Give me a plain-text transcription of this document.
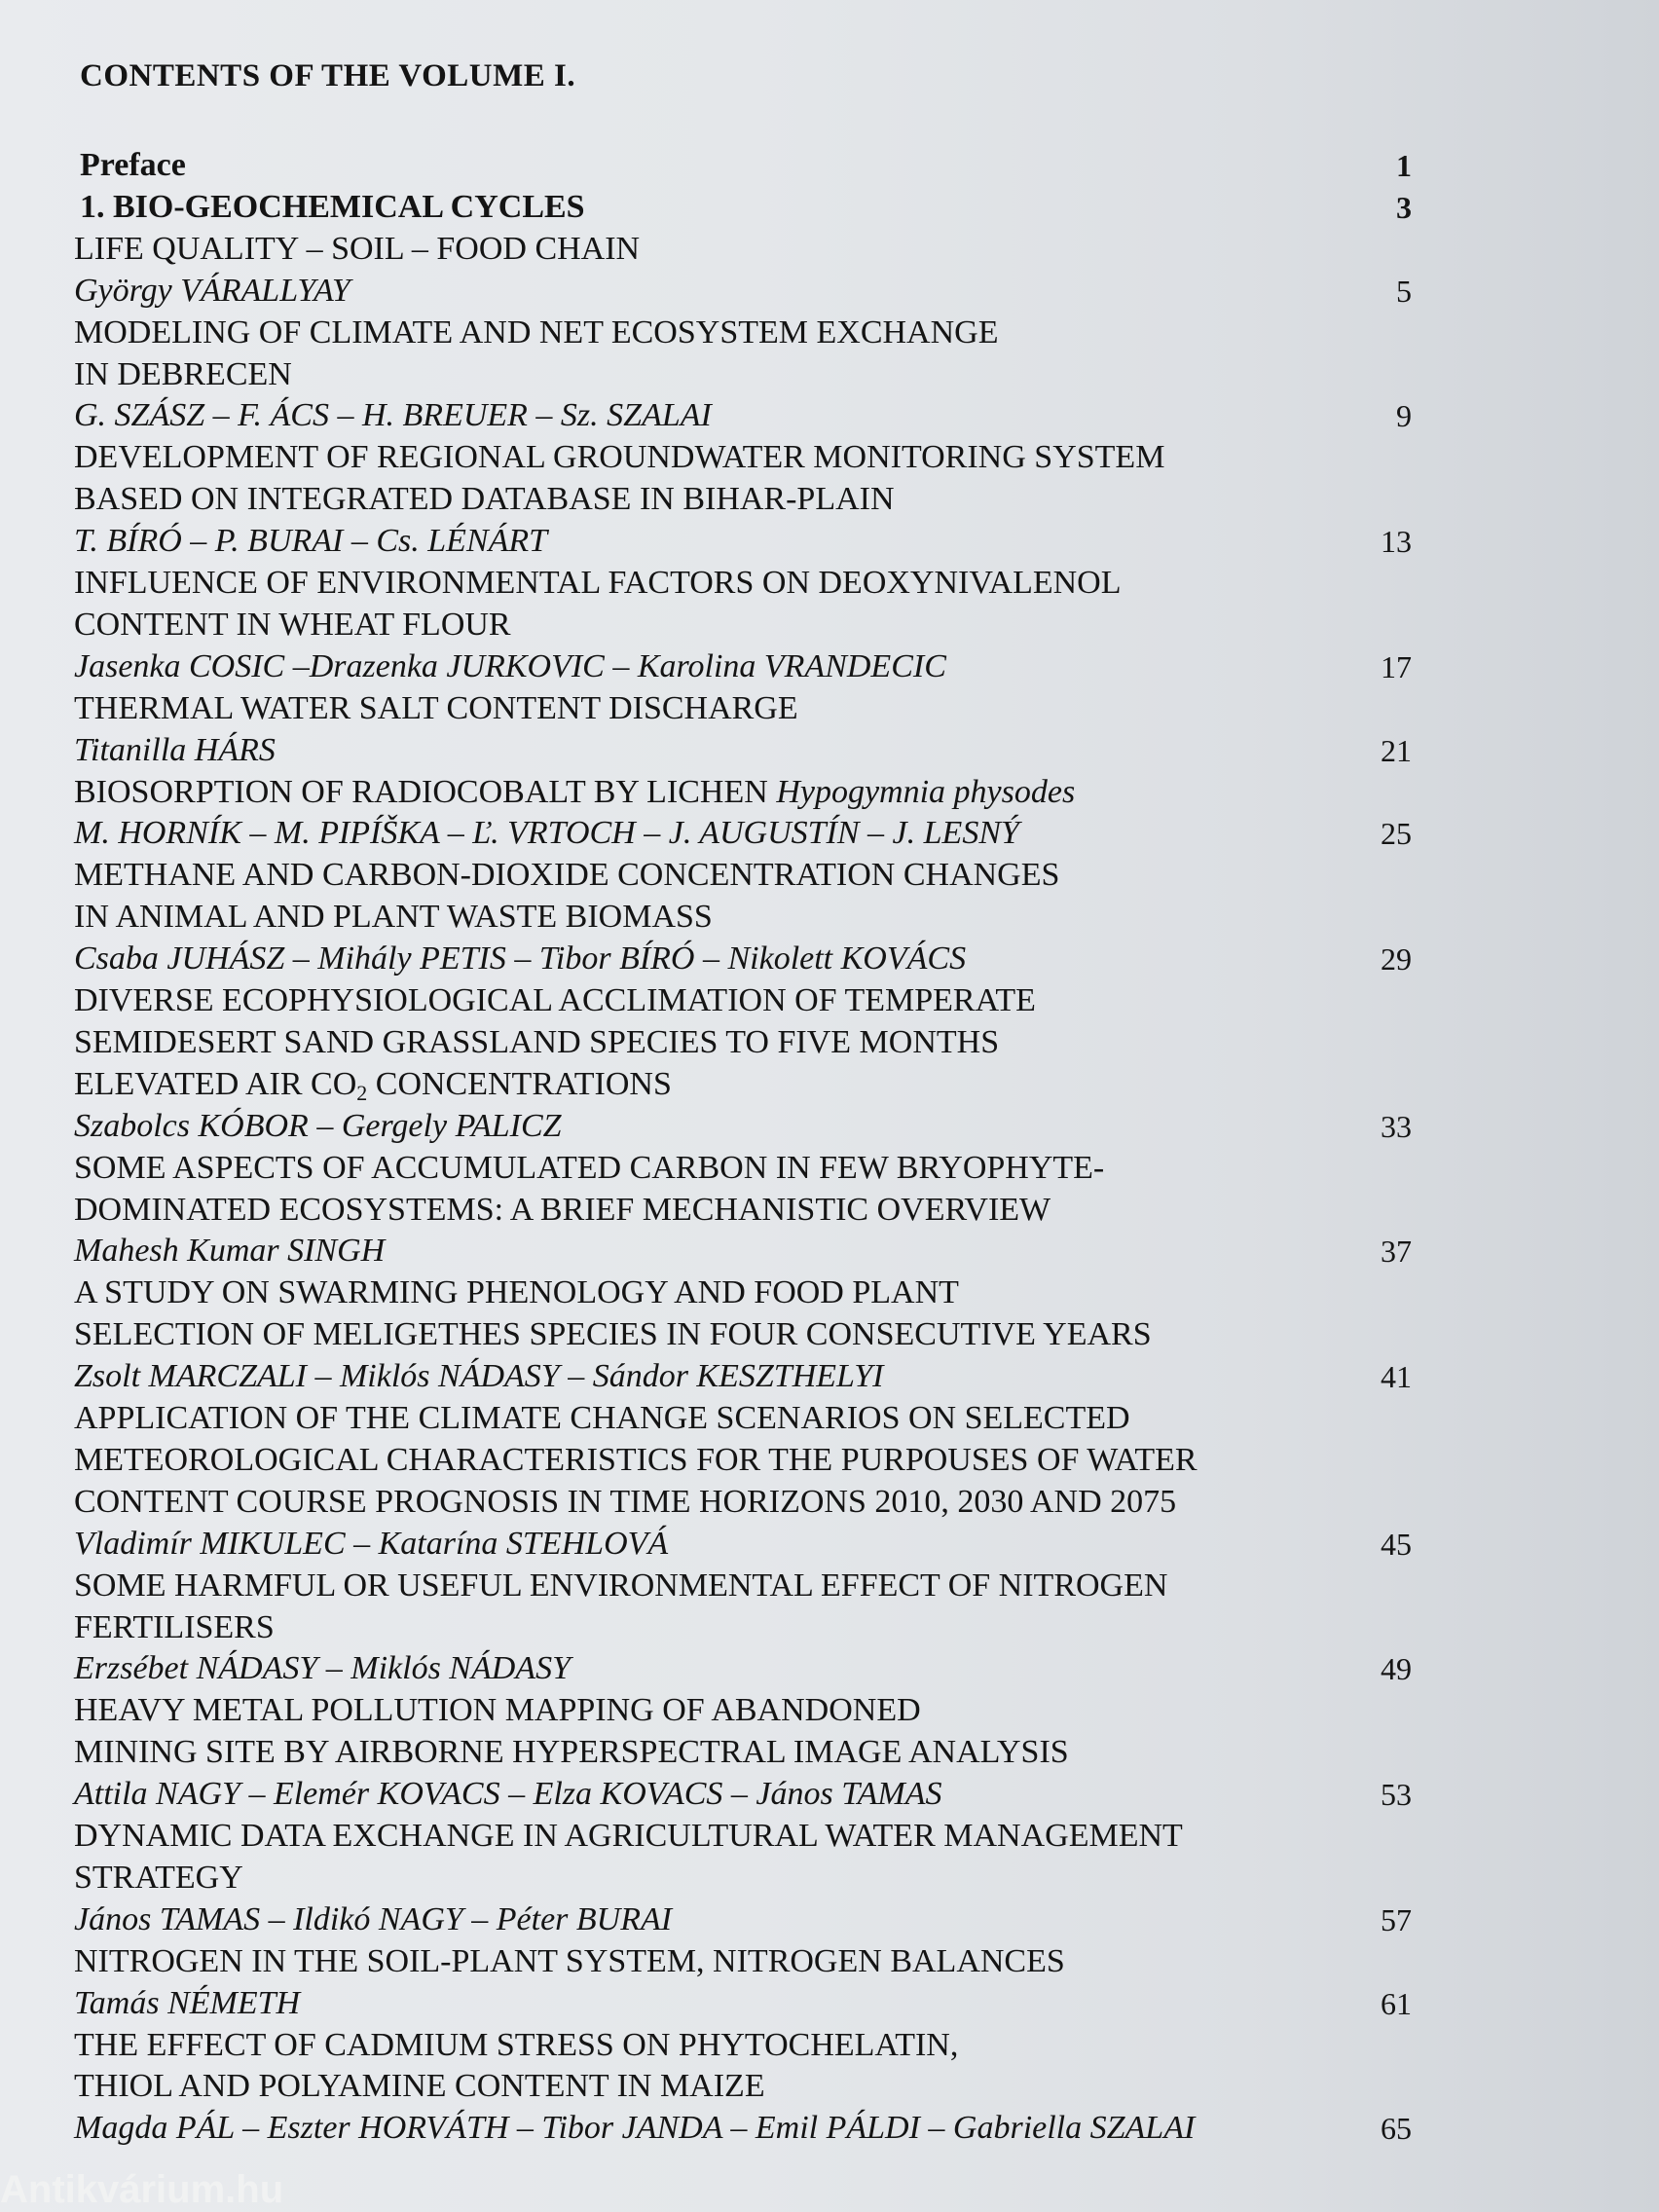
CONTENTS OF THE VOLUME I.
Preface	1
1. BIO-GEOCHEMICAL CYCLES	3
LIFE QUALITY – SOIL – FOOD CHAIN
György VÁRALLYAY	5
MODELING OF CLIMATE AND NET ECOSYSTEM EXCHANGE
IN DEBRECEN
G. SZÁSZ – F. ÁCS – H. BREUER – Sz. SZALAI	9
DEVELOPMENT OF REGIONAL GROUNDWATER MONITORING SYSTEM
BASED ON INTEGRATED DATABASE IN BIHAR-PLAIN
T. BÍRÓ – P. BURAI – Cs. LÉNÁRT	13
INFLUENCE OF ENVIRONMENTAL FACTORS ON DEOXYNIVALENOL
CONTENT IN WHEAT FLOUR
Jasenka COSIC –Drazenka JURKOVIC – Karolina VRANDECIC	17
THERMAL WATER SALT CONTENT DISCHARGE
Titanilla HÁRS	21
BIOSORPTION OF RADIOCOBALT BY LICHEN Hypogymnia physodes
M. HORNÍK – M. PIPÍŠKA – Ľ. VRTOCH – J. AUGUSTÍN – J. LESNÝ	25
METHANE AND CARBON-DIOXIDE CONCENTRATION CHANGES
IN ANIMAL AND PLANT WASTE BIOMASS
Csaba JUHÁSZ – Mihály PETIS – Tibor BÍRÓ – Nikolett KOVÁCS	29
DIVERSE ECOPHYSIOLOGICAL ACCLIMATION OF TEMPERATE
SEMIDESERT SAND GRASSLAND SPECIES TO FIVE MONTHS
ELEVATED AIR $CO_2$ CONCENTRATIONS
Szabolcs KÓBOR – Gergely PALICZ	33
SOME ASPECTS OF ACCUMULATED CARBON IN FEW BRYOPHYTE-
DOMINATED ECOSYSTEMS: A BRIEF MECHANISTIC OVERVIEW
Mahesh Kumar SINGH	37
A STUDY ON SWARMING PHENOLOGY AND FOOD PLANT
SELECTION OF MELIGETHES SPECIES IN FOUR CONSECUTIVE YEARS
Zsolt MARCZALI – Miklós NÁDASY – Sándor KESZTHELYI	41
APPLICATION OF THE CLIMATE CHANGE SCENARIOS ON SELECTED
METEOROLOGICAL CHARACTERISTICS FOR THE PURPOUSES OF WATER
CONTENT COURSE PROGNOSIS IN TIME HORIZONS 2010, 2030 AND 2075
Vladimír MIKULEC – Katarína STEHLOVÁ	45
SOME HARMFUL OR USEFUL ENVIRONMENTAL EFFECT OF NITROGEN
FERTILISERS
Erzsébet NÁDASY – Miklós NÁDASY	49
HEAVY METAL POLLUTION MAPPING OF ABANDONED
MINING SITE BY AIRBORNE HYPERSPECTRAL IMAGE ANALYSIS
Attila NAGY – Elemér KOVACS – Elza KOVACS – János TAMAS	53
DYNAMIC DATA EXCHANGE IN AGRICULTURAL WATER MANAGEMENT
STRATEGY
János TAMAS – Ildikó NAGY – Péter BURAI	57
NITROGEN IN THE SOIL-PLANT SYSTEM, NITROGEN BALANCES
Tamás NÉMETH	61
THE EFFECT OF CADMIUM STRESS ON PHYTOCHELATIN,
THIOL AND POLYAMINE CONTENT IN MAIZE
Magda PÁL – Eszter HORVÁTH – Tibor JANDA – Emil PÁLDI – Gabriella SZALAI	65
Antikvárium.hu
